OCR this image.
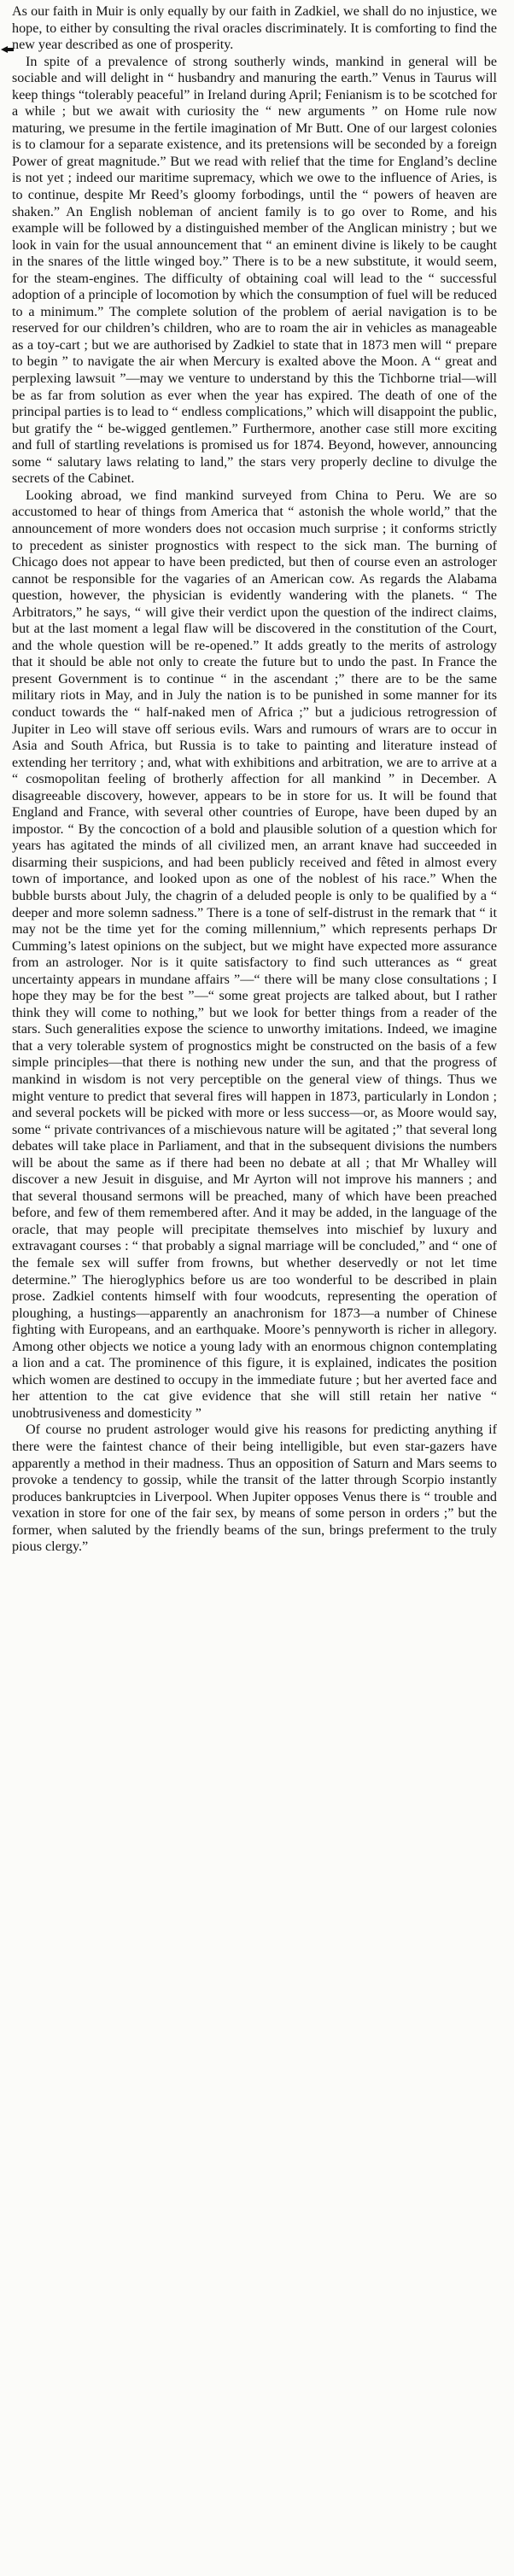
As our faith in Muir is only equally by our faith in Zadkiel, we shall do no injustice, we hope, to either by consulting the rival oracles discriminately. It is comforting to find the new year described as one of prosperity.

In spite of a prevalence of strong southerly winds, mankind in general will be sociable and will delight in “ husbandry and manuring the earth.” Venus in Taurus will keep things “tolerably peaceful” in Ireland during April; Fenianism is to be scotched for a while ; but we await with curiosity the “ new arguments ” on Home rule now maturing, we presume in the fertile imagination of Mr Butt. One of our largest colonies is to clamour for a separate existence, and its pretensions will be seconded by a foreign Power of great magnitude.” But we read with relief that the time for England’s decline is not yet ; indeed our maritime supremacy, which we owe to the influence of Aries, is to continue, despite Mr Reed’s gloomy forbodings, until the “ powers of heaven are shaken.” An English nobleman of ancient family is to go over to Rome, and his example will be followed by a distinguished member of the Anglican ministry ; but we look in vain for the usual announcement that “ an eminent divine is likely to be caught in the snares of the little winged boy.” There is to be a new substitute, it would seem, for the steam-engines. The difficulty of obtaining coal will lead to the “ successful adoption of a principle of locomotion by which the consumption of fuel will be reduced to a minimum.” The complete solution of the problem of aerial navigation is to be reserved for our children’s children, who are to roam the air in vehicles as manageable as a toy-cart ; but we are authorised by Zadkiel to state that in 1873 men will “ prepare to begin ” to navigate the air when Mercury is exalted above the Moon. A “ great and perplexing lawsuit ”—may we venture to understand by this the Tichborne trial—will be as far from solution as ever when the year has expired. The death of one of the principal parties is to lead to “ endless complications,” which will disappoint the public, but gratify the “ be-wigged gentlemen.” Furthermore, another case still more exciting and full of startling revelations is promised us for 1874. Beyond, however, announcing some “ salutary laws relating to land,” the stars very properly decline to divulge the secrets of the Cabinet.

Looking abroad, we find mankind surveyed from China to Peru. We are so accustomed to hear of things from America that “ astonish the whole world,” that the announcement of more wonders does not occasion much surprise ; it conforms strictly to precedent as sinister prognostics with respect to the sick man. The burning of Chicago does not appear to have been predicted, but then of course even an astrologer cannot be responsible for the vagaries of an American cow. As regards the Alabama question, however, the physician is evidently wandering with the planets. “ The Arbitrators,” he says, “ will give their verdict upon the question of the indirect claims, but at the last moment a legal flaw will be discovered in the constitution of the Court, and the whole question will be re-opened.” It adds greatly to the merits of astrology that it should be able not only to create the future but to undo the past. In France the present Government is to continue “ in the ascendant ;” there are to be the same military riots in May, and in July the nation is to be punished in some manner for its conduct towards the “ half-naked men of Africa ;” but a judicious retrogression of Jupiter in Leo will stave off serious evils. Wars and rumours of wrars are to occur in Asia and South Africa, but Russia is to take to painting and literature instead of extending her territory ; and, what with exhibitions and arbitration, we are to arrive at a “ cosmopolitan feeling of brotherly affection for all mankind ” in December. A disagreeable discovery, however, appears to be in store for us. It will be found that England and France, with several other countries of Europe, have been duped by an impostor. “ By the concoction of a bold and plausible solution of a question which for years has agitated the minds of all civilized men, an arrant knave had succeeded in disarming their suspicions, and had been publicly received and fêted in almost every town of importance, and looked upon as one of the noblest of his race.” When the bubble bursts about July, the chagrin of a deluded people is only to be qualified by a “ deeper and more solemn sadness.” There is a tone of self-distrust in the remark that “ it may not be the time yet for the coming millennium,” which represents perhaps Dr Cumming’s latest opinions on the subject, but we might have expected more assurance from an astrologer. Nor is it quite satisfactory to find such utterances as “ great uncertainty appears in mundane affairs ”—“ there will be many close consultations ; I hope they may be for the best ”—“ some great projects are talked about, but I rather think they will come to nothing,” but we look for better things from a reader of the stars. Such generalities expose the science to unworthy imitations. Indeed, we imagine that a very tolerable system of prognostics might be constructed on the basis of a few simple principles—that there is nothing new under the sun, and that the progress of mankind in wisdom is not very perceptible on the general view of things. Thus we might venture to predict that several fires will happen in 1873, particularly in London ; and several pockets will be picked with more or less success—or, as Moore would say, some “ private contrivances of a mischievous nature will be agitated ;” that several long debates will take place in Parliament, and that in the subsequent divisions the numbers will be about the same as if there had been no debate at all ; that Mr Whalley will discover a new Jesuit in disguise, and Mr Ayrton will not improve his manners ; and that several thousand sermons will be preached, many of which have been preached before, and few of them remembered after. And it may be added, in the language of the oracle, that may people will precipitate themselves into mischief by luxury and extravagant courses : “ that probably a signal marriage will be concluded,” and “ one of the female sex will suffer from frowns, but whether deservedly or not let time determine.” The hieroglyphics before us are too wonderful to be described in plain prose. Zadkiel contents himself with four woodcuts, representing the operation of ploughing, a hustings—apparently an anachronism for 1873—a number of Chinese fighting with Europeans, and an earthquake. Moore’s pennyworth is richer in allegory. Among other objects we notice a young lady with an enormous chignon contemplating a lion and a cat. The prominence of this figure, it is explained, indicates the position which women are destined to occupy in the immediate future ; but her averted face and her attention to the cat give evidence that she will still retain her native “ unobtrusiveness and domesticity ”

Of course no prudent astrologer would give his reasons for predicting anything if there were the faintest chance of their being intelligible, but even star-gazers have apparently a method in their madness. Thus an opposition of Saturn and Mars seems to provoke a tendency to gossip, while the transit of the latter through Scorpio instantly produces bankruptcies in Liverpool. When Jupiter opposes Venus there is “ trouble and vexation in store for one of the fair sex, by means of some person in orders ;” but the former, when saluted by the friendly beams of the sun, brings preferment to the truly pious clergy.”
